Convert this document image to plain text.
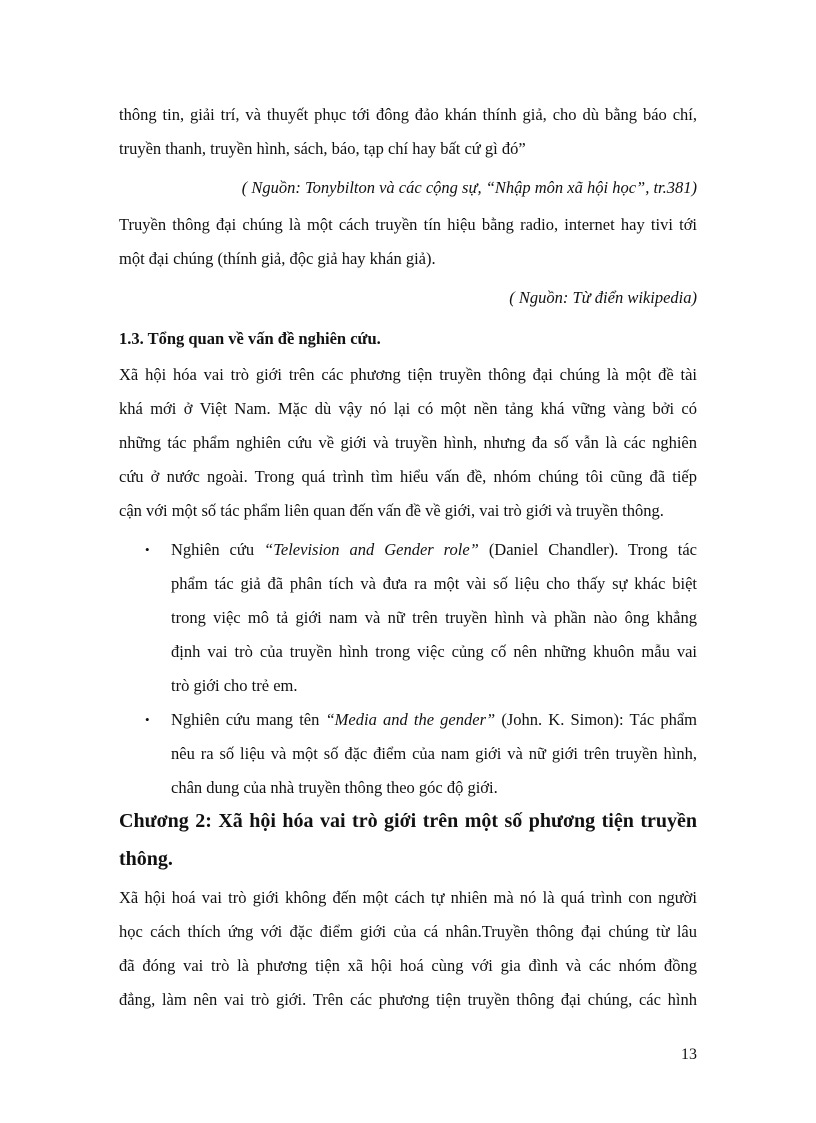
thông tin, giải trí, và thuyết phục tới đông đảo khán thính giả, cho dù bằng báo chí,
truyền thanh, truyền hình, sách, báo, tạp chí hay bất cứ gì đó”
( Nguồn: Tonybilton và các cộng sự, “Nhập môn xã hội học”, tr.381)
Truyền thông đại chúng là một cách truyền tín hiệu bằng radio, internet hay tivi tới
một đại chúng (thính giả, độc giả hay khán giả).
( Nguồn: Từ điển wikipedia)
1.3. Tổng quan về vấn đề nghiên cứu.
Xã hội hóa vai trò giới trên các phương tiện truyền thông đại chúng là một đề tài
khá mới ở Việt Nam. Mặc dù vậy nó lại có một nền tảng khá vững vàng bởi có
những tác phẩm nghiên cứu về giới và truyền hình, nhưng đa số vẫn là các nghiên
cứu ở nước ngoài. Trong quá trình tìm hiểu vấn đề, nhóm chúng tôi cũng đã tiếp
cận với một số tác phẩm liên quan đến vấn đề về giới, vai trò giới và truyền thông.
• Nghiên cứu “Television and Gender role” (Daniel Chandler). Trong tác
phẩm tác giả đã phân tích và đưa ra một vài số liệu cho thấy sự khác biệt
trong việc mô tả giới nam và nữ trên truyền hình và phần nào ông khẳng
định vai trò của truyền hình trong việc củng cố nên những khuôn mẫu vai
trò giới cho trẻ em.
• Nghiên cứu mang tên “Media and the gender” (John. K. Simon): Tác phẩm
nêu ra số liệu và một số đặc điểm của nam giới và nữ giới trên truyền hình,
chân dung của nhà truyền thông theo góc độ giới.
Chương 2: Xã hội hóa vai trò giới trên một số phương tiện truyền
thông.
Xã hội hoá vai trò giới không đến một cách tự nhiên mà nó là quá trình con người
học cách thích ứng với đặc điểm giới của cá nhân.Truyền thông đại chúng từ lâu
đã đóng vai trò là phương tiện xã hội hoá cùng với gia đình và các nhóm đồng
đẳng, làm nên vai trò giới. Trên các phương tiện truyền thông đại chúng, các hình
13
